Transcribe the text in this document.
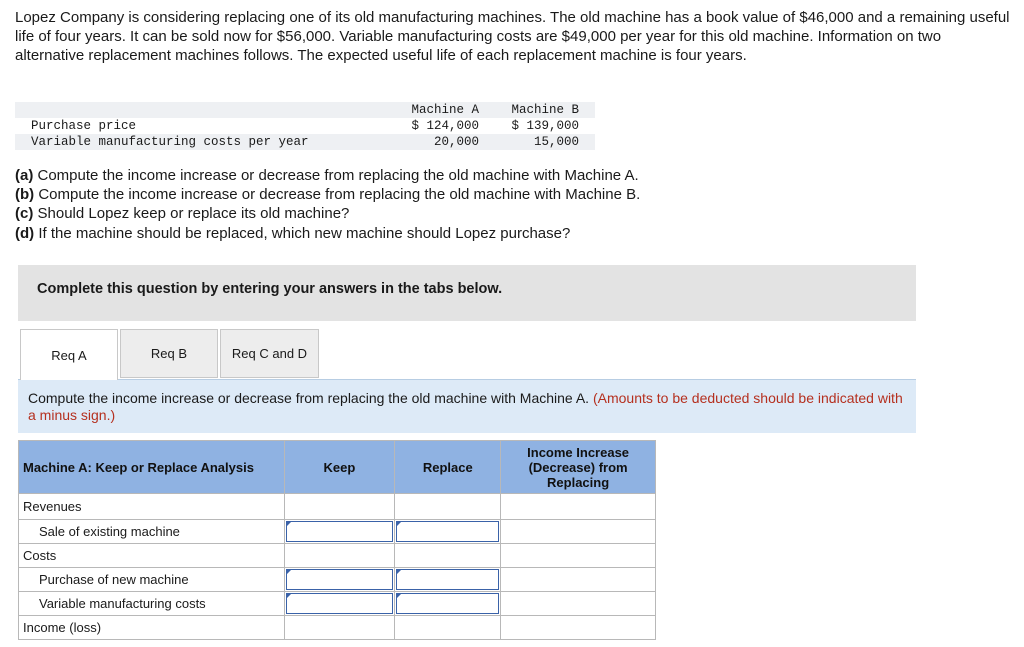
Lopez Company is considering replacing one of its old manufacturing machines. The old machine has a book value of $46,000 and a remaining useful life of four years. It can be sold now for $56,000. Variable manufacturing costs are $49,000 per year for this old machine. Information on two alternative replacement machines follows. The expected useful life of each replacement machine is four years.

	Machine A	Machine B
Purchase price	$ 124,000	$ 139,000
Variable manufacturing costs per year	20,000	15,000
(a) Compute the income increase or decrease from replacing the old machine with Machine A.
(b) Compute the income increase or decrease from replacing the old machine with Machine B.
(c) Should Lopez keep or replace its old machine?
(d) If the machine should be replaced, which new machine should Lopez purchase?
Complete this question by entering your answers in the tabs below.
Req A	Req B	Req C and D
Compute the income increase or decrease from replacing the old machine with Machine A. (Amounts to be deducted should be indicated with a minus sign.)
Machine A: Keep or Replace Analysis	Keep	Replace	Income Increase (Decrease) from Replacing
Revenues			
Sale of existing machine	

Costs			
Purchase of new machine	

Variable manufacturing costs	

Income (loss)			
